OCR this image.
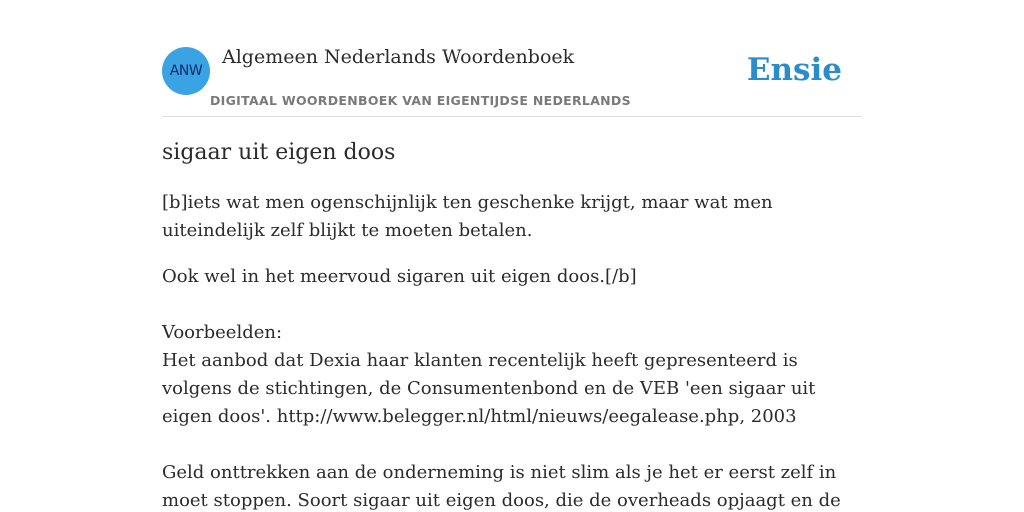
ANW
Algemeen Nederlands Woordenboek
DIGITAAL WOORDENBOEK VAN EIGENTIJDSE NEDERLANDS
Ensie
sigaar uit eigen doos

[b]iets wat men ogenschijnlijk ten geschenke krijgt, maar wat men uiteindelijk zelf blijkt te moeten betalen.

Ook wel in het meervoud sigaren uit eigen doos.[/b]

Voorbeelden:
Het aanbod dat Dexia haar klanten recentelijk heeft gepresenteerd is volgens de stichtingen, de Consumentenbond en de VEB 'een sigaar uit eigen doos'. http://www.belegger.nl/html/nieuws/eegalease.php, 2003

Geld onttrekken aan de onderneming is niet slim als je het er eerst zelf in moet stoppen. Soort sigaar uit eigen doos, die de overheads opjaagt en de
